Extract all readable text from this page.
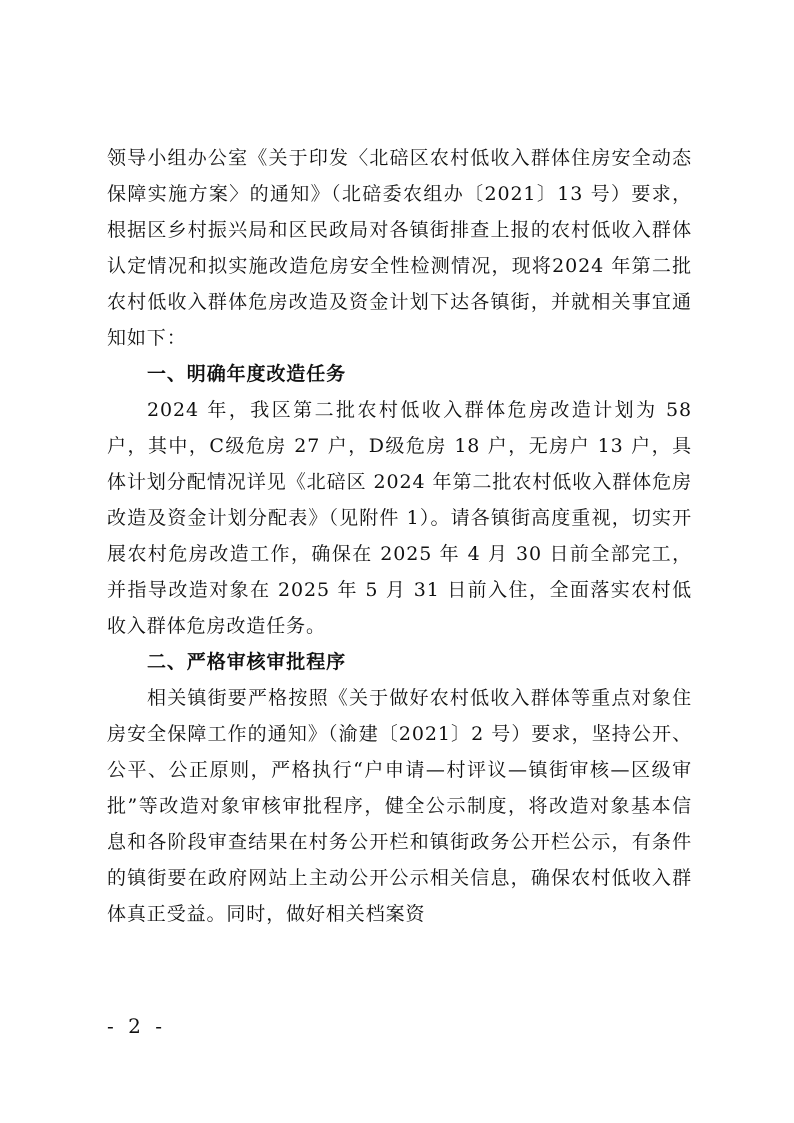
领导小组办公室《关于印发〈北碚区农村低收入群体住房安全动态保障实施方案〉的通知》（北碚委农组办〔2021〕13 号）要求，根据区乡村振兴局和区民政局对各镇街排查上报的农村低收入群体认定情况和拟实施改造危房安全性检测情况，现将2024 年第二批农村低收入群体危房改造及资金计划下达各镇街，并就相关事宜通知如下：

一、明确年度改造任务

2024 年，我区第二批农村低收入群体危房改造计划为 58户，其中，C级危房 27 户，D级危房 18 户，无房户 13 户，具体计划分配情况详见《北碚区 2024 年第二批农村低收入群体危房改造及资金计划分配表》（见附件 1）。请各镇街高度重视，切实开展农村危房改造工作，确保在 2025 年 4 月 30 日前全部完工，并指导改造对象在 2025 年 5 月 31 日前入住，全面落实农村低收入群体危房改造任务。

二、严格审核审批程序

相关镇街要严格按照《关于做好农村低收入群体等重点对象住房安全保障工作的通知》（渝建〔2021〕2 号）要求，坚持公开、公平、公正原则，严格执行“户申请—村评议—镇街审核—区级审批”等改造对象审核审批程序，健全公示制度，将改造对象基本信息和各阶段审查结果在村务公开栏和镇街政务公开栏公示，有条件的镇街要在政府网站上主动公开公示相关信息，确保农村低收入群体真正受益。同时，做好相关档案资

- 2 -
